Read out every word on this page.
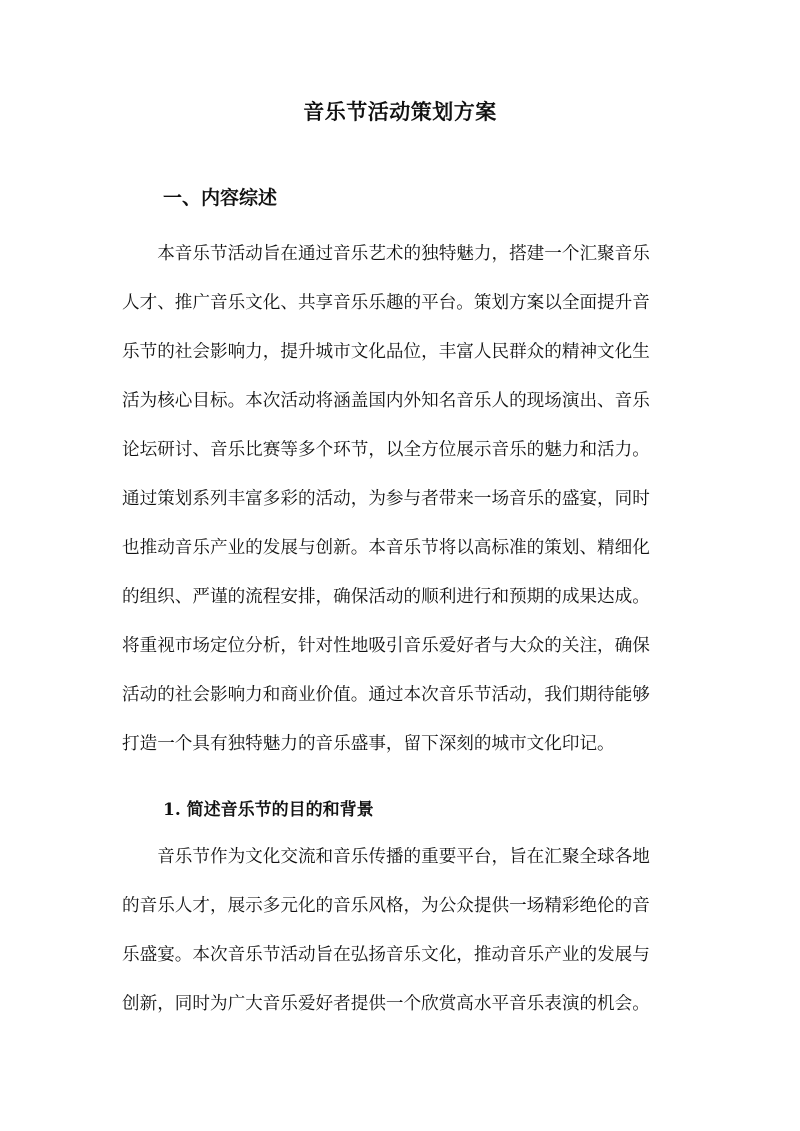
音乐节活动策划方案
一、内容综述

　　本音乐节活动旨在通过音乐艺术的独特魅力，搭建一个汇聚音乐
人才、推广音乐文化、共享音乐乐趣的平台。策划方案以全面提升音
乐节的社会影响力，提升城市文化品位，丰富人民群众的精神文化生
活为核心目标。本次活动将涵盖国内外知名音乐人的现场演出、音乐
论坛研讨、音乐比赛等多个环节，以全方位展示音乐的魅力和活力。
通过策划系列丰富多彩的活动，为参与者带来一场音乐的盛宴，同时
也推动音乐产业的发展与创新。本音乐节将以高标准的策划、精细化
的组织、严谨的流程安排，确保活动的顺利进行和预期的成果达成。
将重视市场定位分析，针对性地吸引音乐爱好者与大众的关注，确保
活动的社会影响力和商业价值。通过本次音乐节活动，我们期待能够
打造一个具有独特魅力的音乐盛事，留下深刻的城市文化印记。

1. 简述音乐节的目的和背景

　　音乐节作为文化交流和音乐传播的重要平台，旨在汇聚全球各地
的音乐人才，展示多元化的音乐风格，为公众提供一场精彩绝伦的音
乐盛宴。本次音乐节活动旨在弘扬音乐文化，推动音乐产业的发展与
创新，同时为广大音乐爱好者提供一个欣赏高水平音乐表演的机会。
